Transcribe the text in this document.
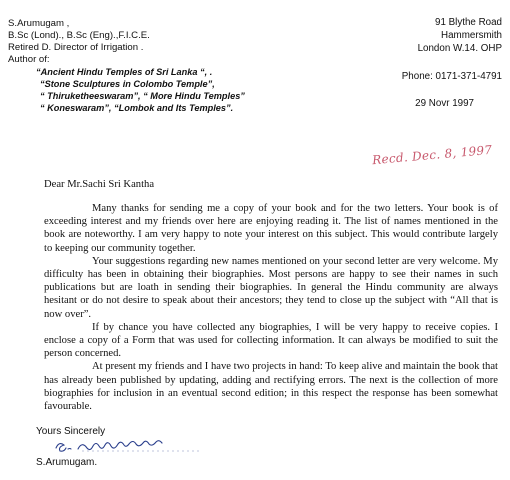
S.Arumugam ,
B.Sc (Lond)., B.Sc (Eng).,F.I.C.E.
Retired D. Director of Irrigation .
Author of:
“Ancient Hindu Temples of Sri Lanka “, .
“Stone Sculptures in Colombo Temple”,
“ Thiruketheeswaram”, “ More Hindu Temples”
“ Koneswaram”, “Lombok and Its Temples”.
91 Blythe Road
Hammersmith
London W.14. OHP
Phone: 0171-371-4791
29 Novr 1997
Recd. Dec. 8, 1997
Dear Mr.Sachi Sri Kantha

Many thanks for sending me a copy of your book and for the two letters. Your book is of exceeding interest and my friends over here are enjoying reading it. The list of names mentioned in the book are noteworthy. I am very happy to note your interest on this subject. This would contribute largely to keeping our community together.

Your suggestions regarding new names mentioned on your second letter are very welcome. My difficulty has been in obtaining their biographies. Most persons are happy to see their names in such publications but are loath in sending their biographies. In general the Hindu community are always hesitant or do not desire to speak about their ancestors; they tend to close up the subject with “All that is now over”.

If by chance you have collected any biographies, I will be very happy to receive copies. I enclose a copy of a Form that was used for collecting information. It can always be modified to suit the person concerned.

At present my friends and I have two projects in hand: To keep alive and maintain the book that has already been published by updating, adding and rectifying errors. The next is the collection of more biographies for inclusion in an eventual second edition; in this respect the response has been somewhat favourable.

Yours Sincerely
S.Arumugam.
